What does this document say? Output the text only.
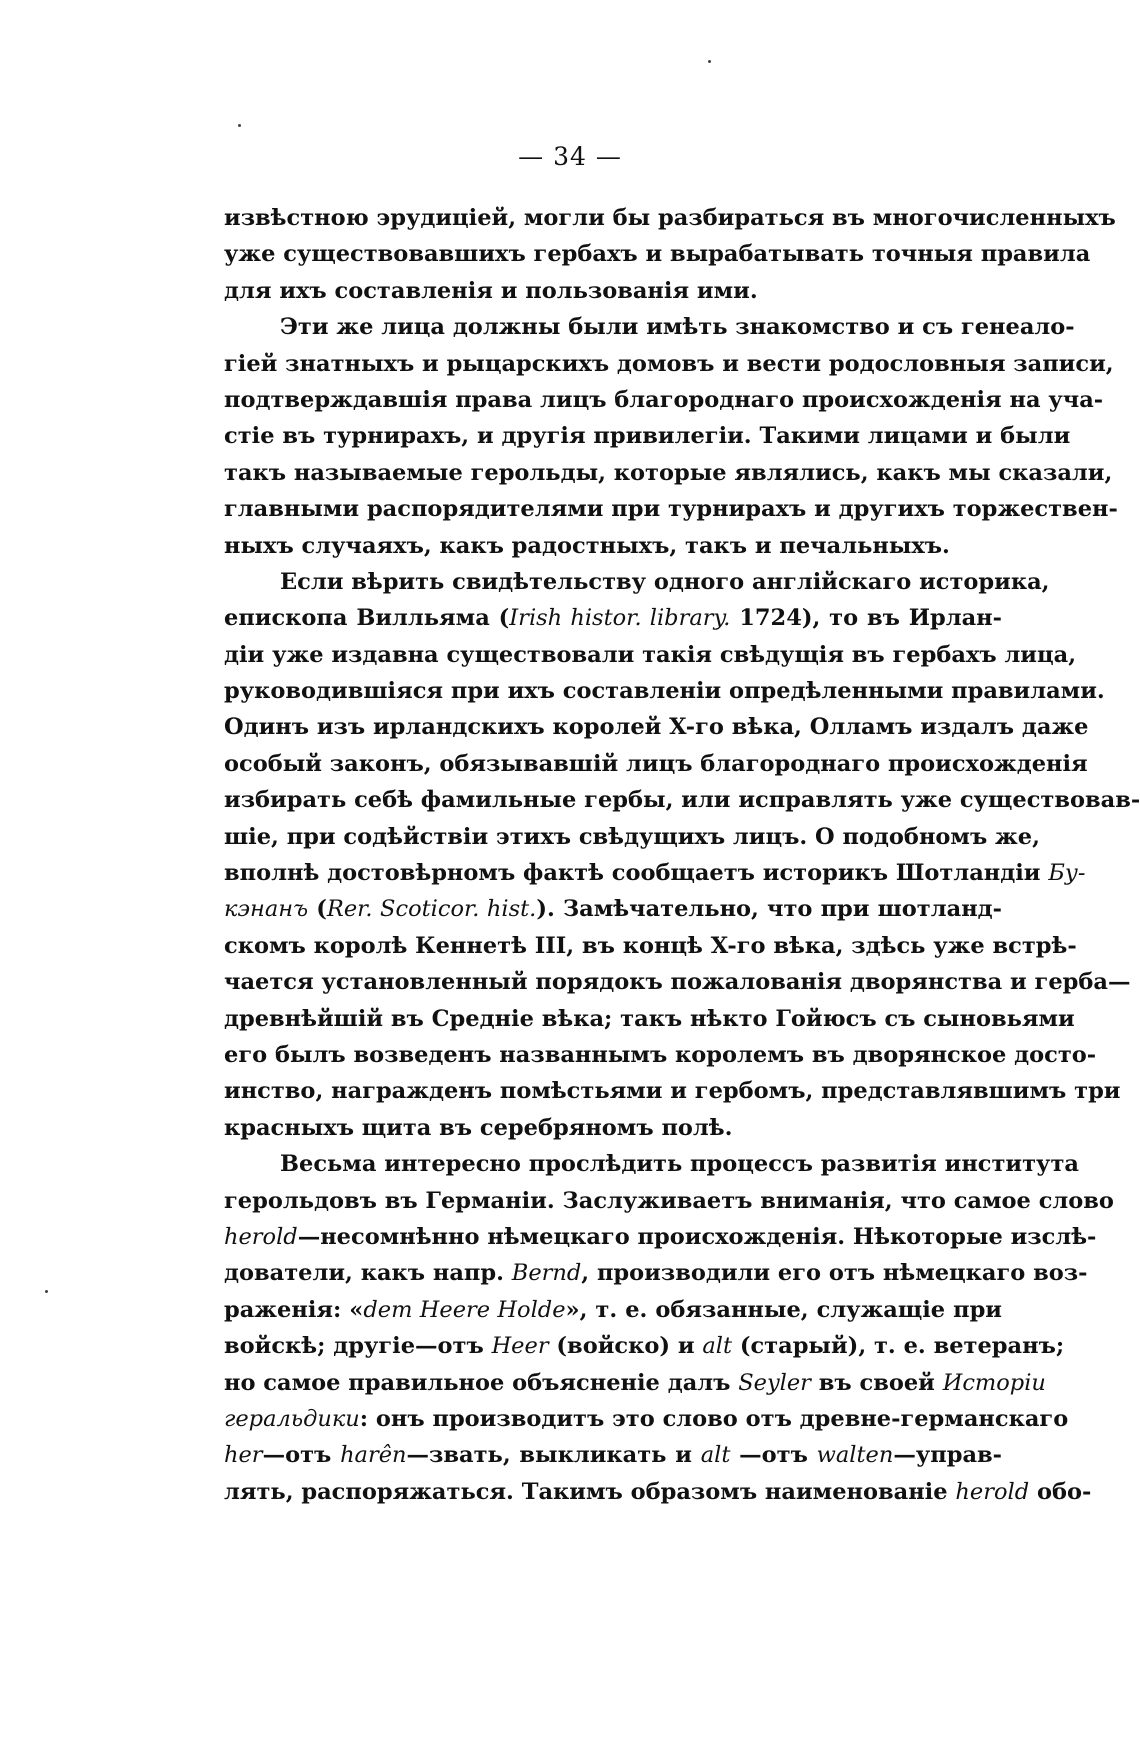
— 34 —
извѣстною эрудиціей, могли бы разбираться въ многочисленныхъ
уже существовавшихъ гербахъ и вырабатывать точныя правила
для ихъ составленія и пользованія ими.
Эти же лица должны были имѣть знакомство и съ генеало-
гіей знатныхъ и рыцарскихъ домовъ и вести родословныя записи,
подтверждавшія права лицъ благороднаго происхожденія на уча-
стіе въ турнирахъ, и другія привилегіи. Такими лицами и были
такъ называемые герольды, которые являлись, какъ мы сказали,
главными распорядителями при турнирахъ и другихъ торжествен-
ныхъ случаяхъ, какъ радостныхъ, такъ и печальныхъ.
Если вѣрить свидѣтельству одного англійскаго историка,
епископа Вилльяма (Irish histor. library. 1724), то въ Ирлан-
діи уже издавна существовали такія свѣдущія въ гербахъ лица,
руководившіяся при ихъ составленіи опредѣленными правилами.
Одинъ изъ ирландскихъ королей X-го вѣка, Олламъ издалъ даже
особый законъ, обязывавшій лицъ благороднаго происхожденія
избирать себѣ фамильные гербы, или исправлять уже существовав-
шіе, при содѣйствіи этихъ свѣдущихъ лицъ. О подобномъ же,
вполнѣ достовѣрномъ фактѣ сообщаетъ историкъ Шотландіи Бу-
кэнанъ (Rer. Scoticor. hist.). Замѣчательно, что при шотланд-
скомъ королѣ Кеннетѣ III, въ концѣ X-го вѣка, здѣсь уже встрѣ-
чается установленный порядокъ пожалованія дворянства и герба—
древнѣйшій въ Средніе вѣка; такъ нѣкто Гойюсъ съ сыновьями
его былъ возведенъ названнымъ королемъ въ дворянское досто-
инство, награжденъ помѣстьями и гербомъ, представлявшимъ три
красныхъ щита въ серебряномъ полѣ.
Весьма интересно прослѣдить процессъ развитія института
герольдовъ въ Германіи. Заслуживаетъ вниманія, что самое слово
herold—несомнѣнно нѣмецкаго происхожденія. Нѣкоторые изслѣ-
дователи, какъ напр. Bernd, производили его отъ нѣмецкаго воз-
раженія: «dem Heere Holde», т. е. обязанные, служащіе при
войскѣ; другіе—отъ Heer (войско) и alt (старый), т. е. ветеранъ;
но самое правильное объясненіе далъ Seyler въ своей Исторіи
геральдики: онъ производитъ это слово отъ древне-германскаго
her—отъ harên—звать, выкликать и alt —отъ walten—управ-
лять, распоряжаться. Такимъ образомъ наименованіе herold обо-
